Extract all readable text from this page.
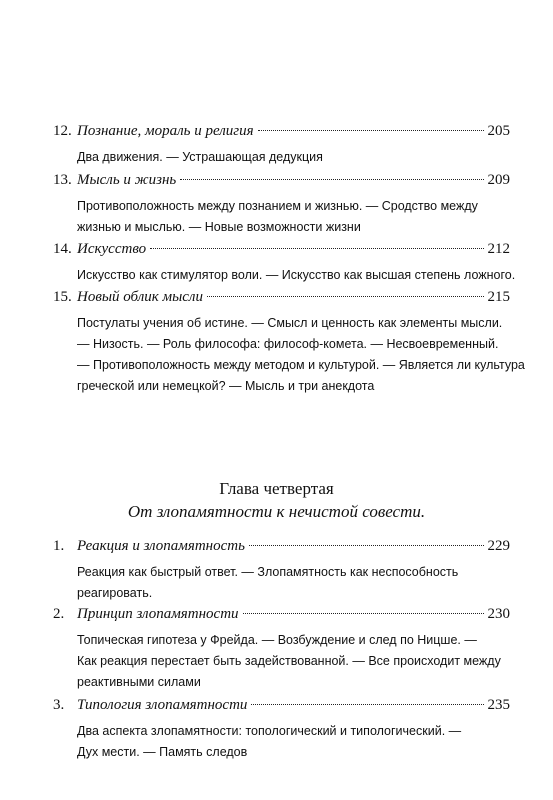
12. Познание, мораль и религия	205
Два движения. — Устрашающая дедукция
13. Мысль и жизнь	209
Противоположность между познанием и жизнью. — Сродство между
жизнью и мыслью. — Новые возможности жизни
14. Искусство	212
Искусство как стимулятор воли. — Искусство как высшая степень ложного.
15. Новый облик мысли	215
Постулаты учения об истине. — Смысл и ценность как элементы мысли.
— Низость. — Роль философа: философ-комета. — Несвоевременный.
— Противоположность между методом и культурой. — Является ли культура
греческой или немецкой? — Мысль и три анекдота
Глава четвертая
От злопамятности к нечистой совести.
1. Реакция и злопамятность	229
Реакция как быстрый ответ. — Злопамятность как неспособность
реагировать.
2. Принцип злопамятности	230
Топическая гипотеза у Фрейда. — Возбуждение и след по Ницше. —
Как реакция перестает быть задействованной. — Все происходит между
реактивными силами
3. Типология злопамятности	235
Два аспекта злопамятности: топологический и типологический. —
Дух мести. — Память следов
